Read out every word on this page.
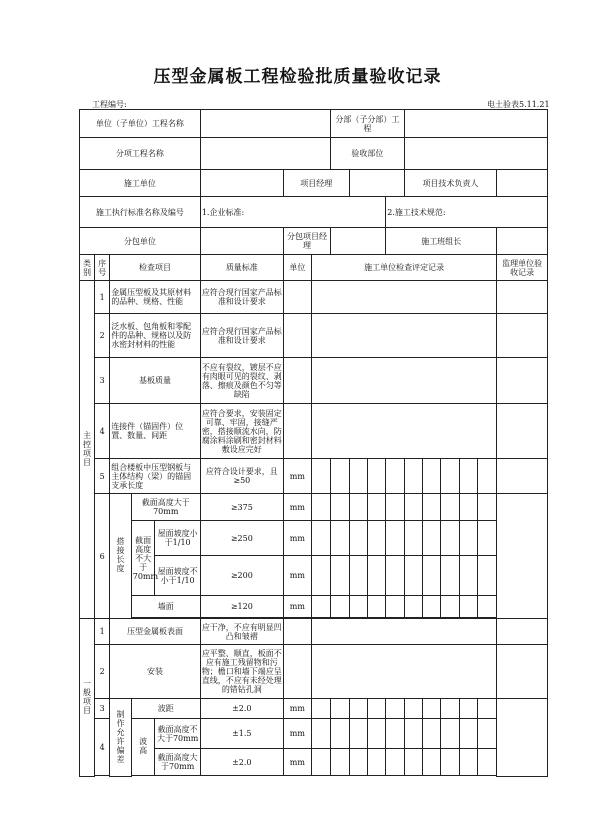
压型金属板工程检验批质量验收记录
工程编号:	电土验表5.11.21
单位（子单位）工程名称								分部（子分部）工程									
分项工程名称								验收部位									
施工单位						项目经理						项目技术负责人					
施工执行标准名称及编号					1.企业标准:						2.施工技术规范:						
分包单位						分包项目经理					施工班组长						
类别	序号	检查项目			质量标准	单位	施工单位检查评定记录										监理单位验收记录
主控项目	1	金属压型板及其原材料的品种、规格、性能			应符合现行国家产品标准和设计要求												
	2	泛水板、包角板和零配件的品种、规格以及防水密封材料的性能			应符合现行国家产品标准和设计要求												
	3	基板质量			不应有裂纹，镀层不应有肉眼可见的裂纹、剥落、擦痕及颜色不匀等缺陷												
	4	连接件（锚固件）位置、数量、间距			应符合要求，安装固定可靠、牢固，接缝严密，搭接顺流水向，防腐涂料涂刷和密封材料敷设应完好												
	5	组合楼板中压型钢板与主体结构（梁）的锚固支承长度			应符合设计要求，且≥50	mm											
	6	搭接长度	截面高度大于70mm		≥375	mm											
			截面高度不大于70mm	屋面坡度小于1/10	≥250	mm											
				屋面坡度不小于1/10	≥200	mm											
			墙面		≥120	mm											

一般项目	1	压型金属板表面			应干净，不应有明显凹凸和皱褶												
	2	安装			应平整、顺直，板面不应有施工残留物和污物；檐口和墙下端应呈直线，不应有未经处理的错钻孔洞												
	3	制作允许偏差	波距		±2.0	mm											
	4		波高	截面高度不大于70mm	±1.5	mm											
				截面高度大于70mm	±2.0	mm											
